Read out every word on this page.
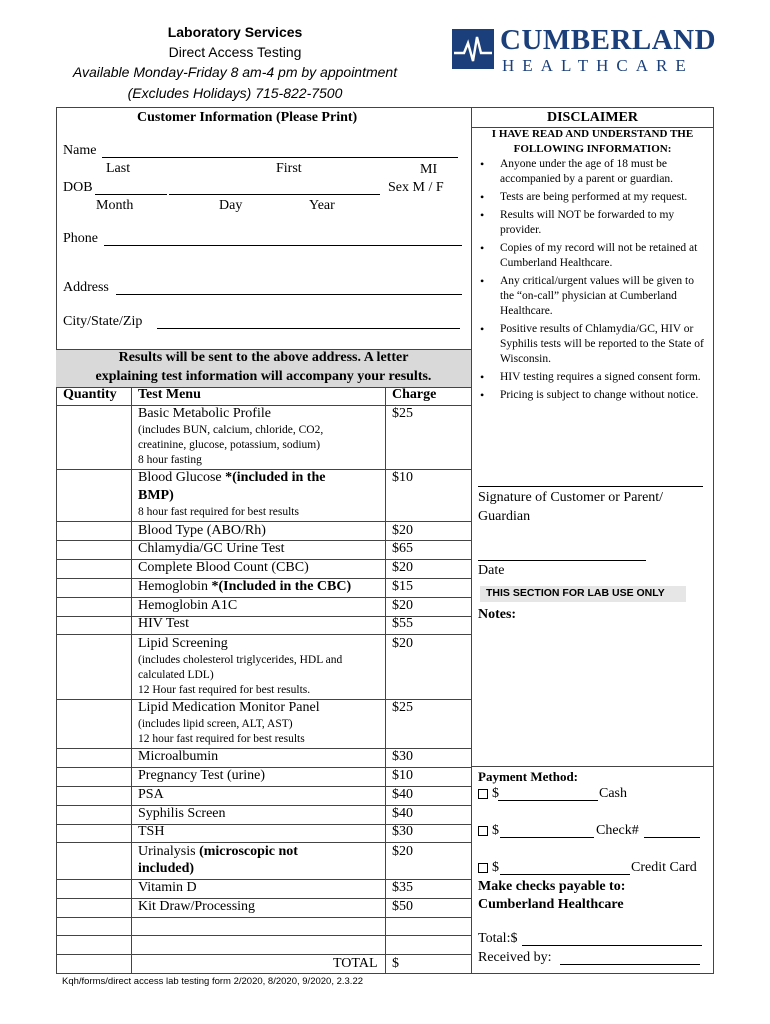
Laboratory Services
Direct Access Testing
Available Monday-Friday 8 am-4 pm by appointment
(Excludes Holidays) 715-822-7500
CUMBERLAND
HEALTHCARE
Customer Information (Please Print)
Name
Last	First	MI
DOB	Sex M / F
Month	Day	Year
Phone
Address
City/State/Zip
Results will be sent to the above address. A letter
explaining test information will accompany your results.
Quantity Test Menu	Charge
Basic Metabolic Profile
(includes BUN, calcium, chloride, CO2,
creatinine, glucose, potassium, sodium)
8 hour fasting
$25
Blood Glucose *(included in the
BMP)
8 hour fast required for best results
$10
Blood Type (ABO/Rh)	$20
Chlamydia/GC Urine Test	$65
Complete Blood Count (CBC)	$20
Hemoglobin *(Included in the CBC)	$15
Hemoglobin A1C	$20
HIV Test	$55
Lipid Screening
(includes cholesterol triglycerides, HDL and
calculated LDL)
12 Hour fast required for best results.
$20
Lipid Medication Monitor Panel
(includes lipid screen, ALT, AST)
12 hour fast required for best results
$25
Microalbumin	$30
Pregnancy Test (urine)	$10
PSA	$40
Syphilis Screen	$40
TSH	$30
Urinalysis (microscopic not
included)
$20
Vitamin D	$35
Kit Draw/Processing	$50
TOTAL $
DISCLAIMER
I HAVE READ AND UNDERSTAND THE
FOLLOWING INFORMATION:
• Anyone under the age of 18 must be accompanied by a parent or guardian.
• Tests are being performed at my request.
• Results will NOT be forwarded to my provider.
• Copies of my record will not be retained at Cumberland Healthcare.
• Any critical/urgent values will be given to the “on-call” physician at Cumberland Healthcare.
• Positive results of Chlamydia/GC, HIV or Syphilis tests will be reported to the State of Wisconsin.
• HIV testing requires a signed consent form.
• Pricing is subject to change without notice.
Signature of Customer or Parent/
Guardian
Date
THIS SECTION FOR LAB USE ONLY
Notes:
Payment Method:
$	Cash
$	Check#
$	Credit Card
Make checks payable to:
Cumberland Healthcare
Total:$
Received by:
Kqh/forms/direct access lab testing form 2/2020, 8/2020, 9/2020, 2.3.22
